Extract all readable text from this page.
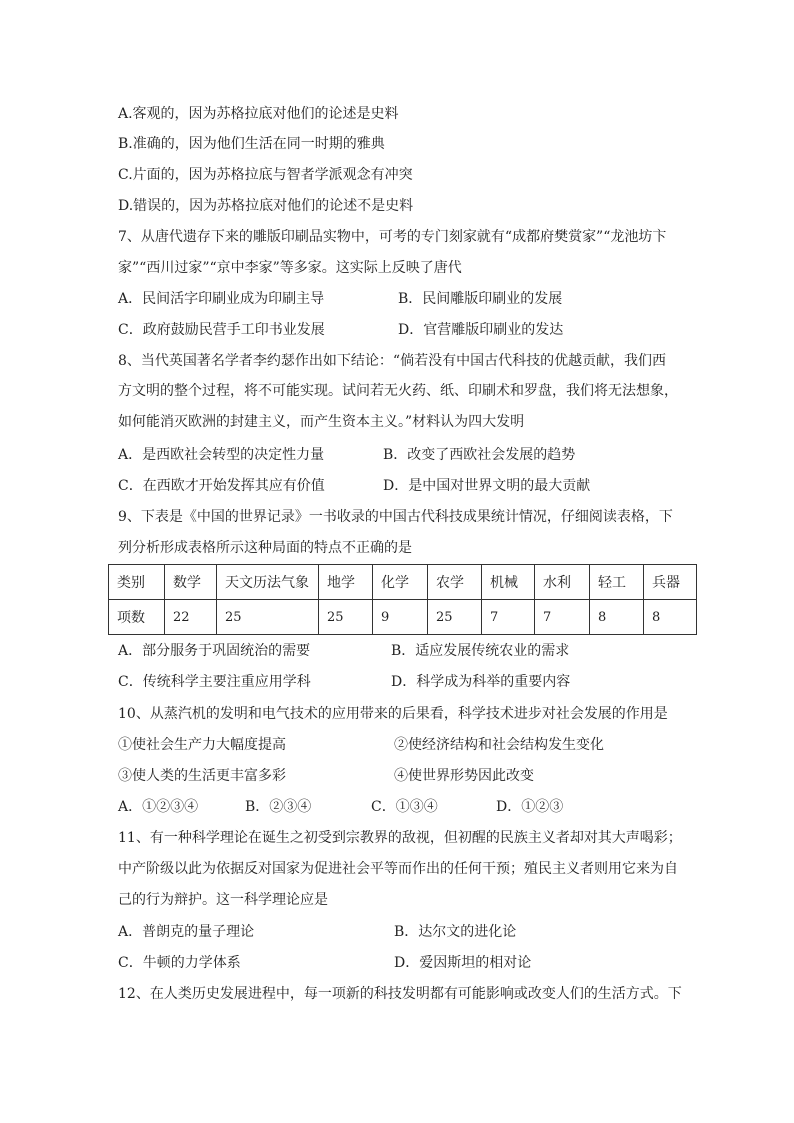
A.客观的，因为苏格拉底对他们的论述是史料
B.准确的，因为他们生活在同一时期的雅典
C.片面的，因为苏格拉底与智者学派观念有冲突
D.错误的，因为苏格拉底对他们的论述不是史料
7、从唐代遗存下来的雕版印刷品实物中，可考的专门刻家就有“成都府樊赏家”“龙池坊卞
家”“西川过家”“京中李家”等多家。这实际上反映了唐代
A．民间活字印刷业成为印刷主导	B．民间雕版印刷业的发展
C．政府鼓励民营手工印书业发展	D．官营雕版印刷业的发达
8、当代英国著名学者李约瑟作出如下结论：“倘若没有中国古代科技的优越贡献，我们西
方文明的整个过程，将不可能实现。试问若无火药、纸、印刷术和罗盘，我们将无法想象，
如何能消灭欧洲的封建主义，而产生资本主义。”材料认为四大发明
A．是西欧社会转型的决定性力量	B．改变了西欧社会发展的趋势
C．在西欧才开始发挥其应有价值	D．是中国对世界文明的最大贡献
9、下表是《中国的世界记录》一书收录的中国古代科技成果统计情况，仔细阅读表格，下
列分析形成表格所示这种局面的特点不正确的是
类别	数学	天文历法气象	地学	化学	农学	机械	水利	轻工	兵器
项数	22	25	25	9	25	7	7	8	8
A．部分服务于巩固统治的需要	B．适应发展传统农业的需求
C．传统科学主要注重应用学科	D．科学成为科举的重要内容
10、从蒸汽机的发明和电气技术的应用带来的后果看，科学技术进步对社会发展的作用是
①使社会生产力大幅度提高	②使经济结构和社会结构发生变化
③使人类的生活更丰富多彩	④使世界形势因此改变
A．①②③④	B．②③④	C．①③④	D．①②③
11、有一种科学理论在诞生之初受到宗教界的敌视，但初醒的民族主义者却对其大声喝彩；
中产阶级以此为依据反对国家为促进社会平等而作出的任何干预；殖民主义者则用它来为自
己的行为辩护。这一科学理论应是
A．普朗克的量子理论	B．达尔文的进化论
C．牛顿的力学体系	D．爱因斯坦的相对论
12、在人类历史发展进程中，每一项新的科技发明都有可能影响或改变人们的生活方式。下
